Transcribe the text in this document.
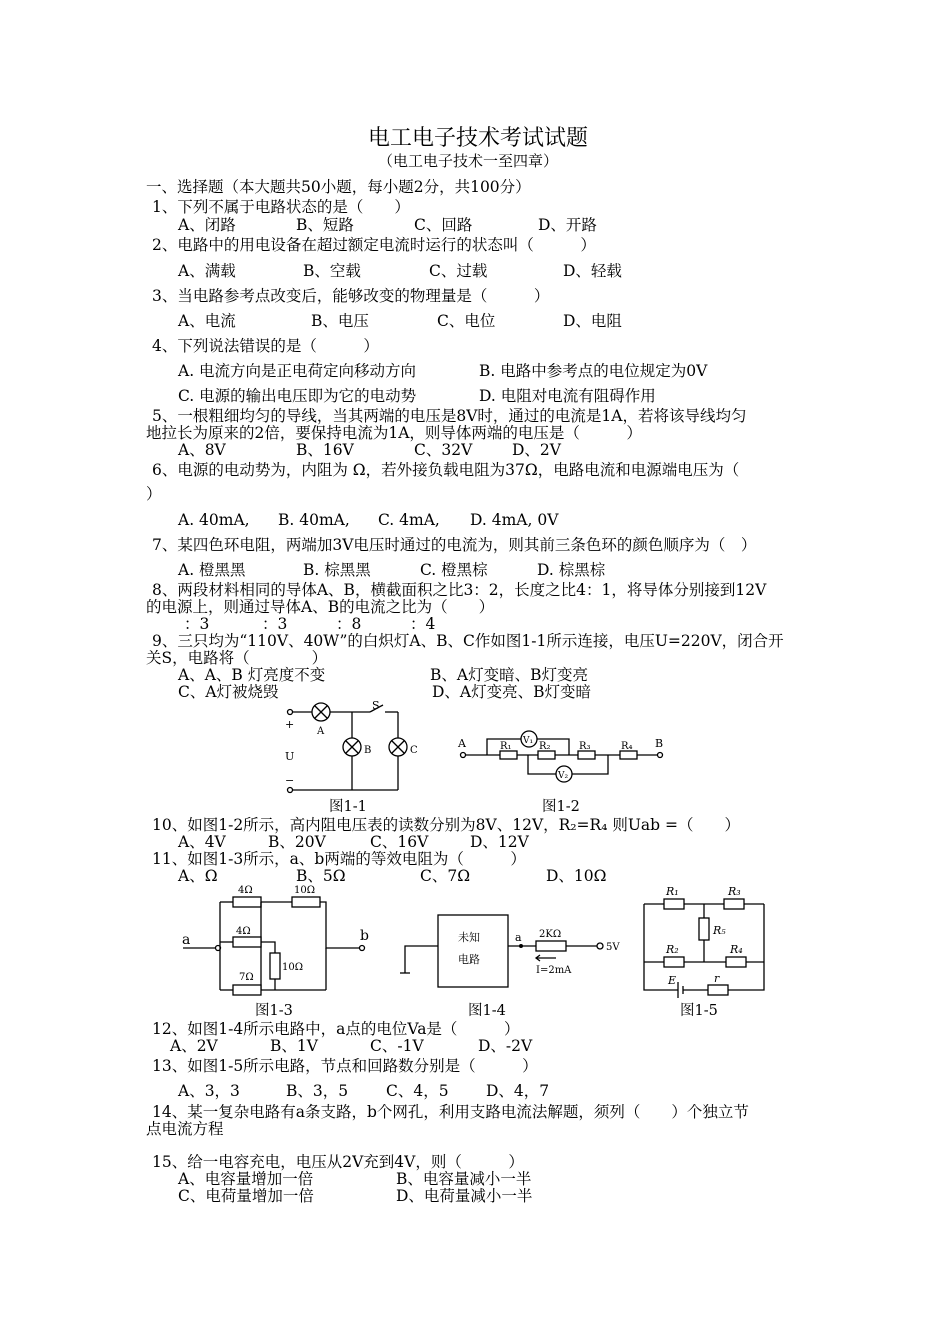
电工电子技术考试试题
（电工电子技术一至四章）
一、选择题（本大题共50小题，每小题2分，共100分）
1、下列不属于电路状态的是（　　）
A、闭路	B、短路	C、回路	D、开路
2、电路中的用电设备在超过额定电流时运行的状态叫（　　　）
A、满载	B、空载	C、过载	D、轻载
3、当电路参考点改变后，能够改变的物理量是（　　　）
A、电流	B、电压	C、电位	D、电阻
4、下列说法错误的是（　　　）
A. 电流方向是正电荷定向移动方向	B. 电路中参考点的电位规定为0V
C. 电源的输出电压即为它的电动势	D. 电阻对电流有阻碍作用
5、一根粗细均匀的导线，当其两端的电压是8V时，通过的电流是1A，若将该导线均匀
地拉长为原来的2倍，要保持电流为1A，则导体两端的电压是（　　　）
A、8V	B、16V	C、32V	D、2V
6、电源的电动势为，内阻为 Ω，若外接负载电阻为37Ω，电路电流和电源端电压为（
）
A. 40mA, B. 40mA, C. 4mA, D. 4mA, 0V
7、某四色环电阻，两端加3V电压时通过的电流为，则其前三条色环的颜色顺序为（　）
A. 橙黑黑	B. 棕黑黑	C. 橙黑棕	D. 棕黑棕
8、两段材料相同的导体A、B，横截面积之比3：2，长度之比4：1，将导体分别接到12V
的电源上，则通过导体A、B的电流之比为（　　）
：3	：3	：8	：4
9、三只均为“110V、40W”的白炽灯A、B、C作如图1-1所示连接，电压U=220V，闭合开
关S，电路将（　　　　）
A、A、B 灯亮度不变	B、A灯变暗、B灯变亮
C、A灯被烧毁	D、A灯变亮、B灯变暗
+
U
−
S
A
B	C
图1-1
A	B
V₁
V₂
R₁	R₂	R₃	R₄
图1-2
10、如图1-2所示，高内阻电压表的读数分别为8V、12V，R₂=R₄ 则Uab =（　　）
A、4V	B、20V	C、16V	D、12V
11、如图1-3所示，a、b两端的等效电阻为（　　　）
A、Ω	B、5Ω	C、7Ω	D、10Ω
a	b
4Ω	10Ω
4Ω
10Ω
7Ω
图1-3
未知
电路
a 2KΩ
5V
I=2mA
图1-4
R₁	R₃
R₅
R₂	R₄
E	r
图1-5
12、如图1-4所示电路中，a点的电位Va是（　　　）
A、2V	B、1V	C、-1V	D、-2V
13、如图1-5所示电路，节点和回路数分别是（　　　）
A、3，3	B、3，5 C、4，5 D、4，7
14、某一复杂电路有a条支路，b个网孔，利用支路电流法解题，须列（　　）个独立节
点电流方程
15、给一电容充电，电压从2V充到4V，则（　　　）
A、电容量增加一倍	B、电容量减小一半
C、电荷量增加一倍	D、电荷量减小一半
